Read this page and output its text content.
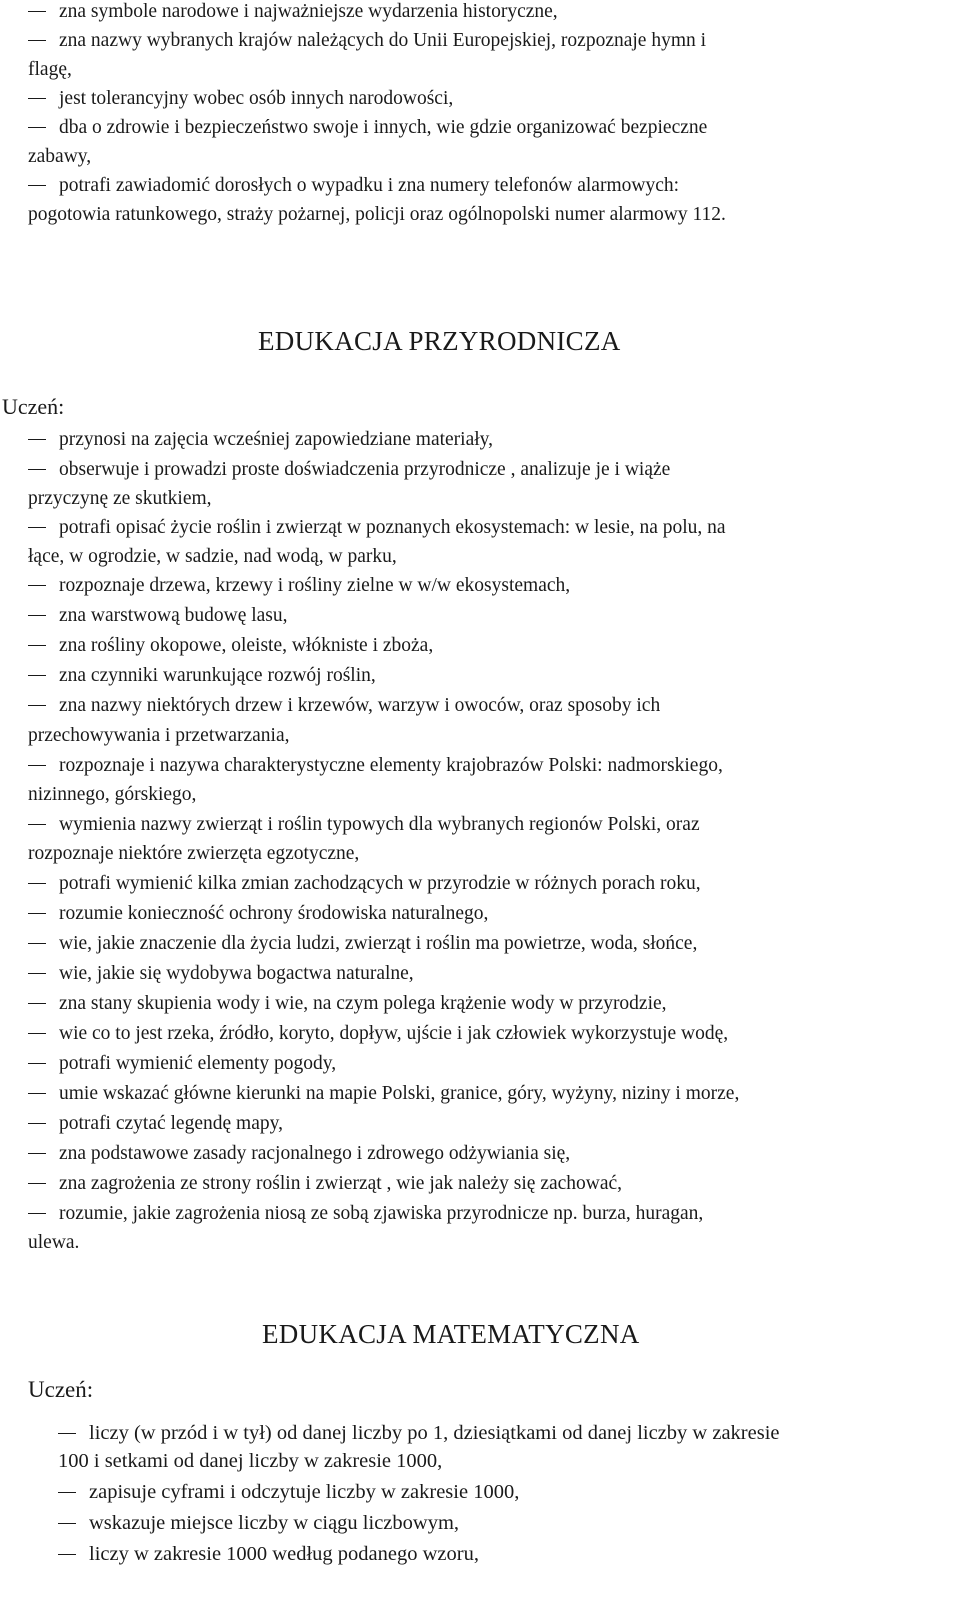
zna symbole narodowe i najważniejsze wydarzenia historyczne,
zna nazwy wybranych krajów należących do Unii Europejskiej, rozpoznaje hymn i
flagę,
jest tolerancyjny wobec osób innych narodowości,
dba o zdrowie i bezpieczeństwo swoje i innych, wie gdzie organizować bezpieczne
zabawy,
potrafi zawiadomić dorosłych o wypadku i zna numery telefonów alarmowych:
pogotowia ratunkowego, straży pożarnej, policji oraz ogólnopolski numer alarmowy 112.
EDUKACJA PRZYRODNICZA
Uczeń:
przynosi na zajęcia wcześniej zapowiedziane materiały,
obserwuje i prowadzi proste doświadczenia przyrodnicze , analizuje je i wiąże
przyczynę ze skutkiem,
potrafi opisać życie roślin i zwierząt w poznanych ekosystemach: w lesie, na polu, na
łące, w ogrodzie, w sadzie, nad wodą, w parku,
rozpoznaje drzewa, krzewy i rośliny zielne w w/w ekosystemach,
zna warstwową budowę lasu,
zna rośliny okopowe, oleiste, włókniste i zboża,
zna czynniki warunkujące rozwój roślin,
zna nazwy niektórych drzew i krzewów, warzyw i owoców, oraz sposoby ich
przechowywania i przetwarzania,
rozpoznaje i nazywa charakterystyczne elementy krajobrazów Polski: nadmorskiego,
nizinnego, górskiego,
wymienia nazwy zwierząt i roślin typowych dla wybranych regionów Polski, oraz
rozpoznaje niektóre zwierzęta egzotyczne,
potrafi wymienić kilka zmian zachodzących w przyrodzie w różnych porach roku,
rozumie konieczność ochrony środowiska naturalnego,
wie, jakie znaczenie dla życia ludzi, zwierząt i roślin ma powietrze, woda, słońce,
wie, jakie się wydobywa bogactwa naturalne,
zna stany skupienia wody i wie, na czym polega krążenie wody w przyrodzie,
wie co to jest rzeka, źródło, koryto, dopływ, ujście i jak człowiek wykorzystuje wodę,
potrafi wymienić elementy pogody,
umie wskazać główne kierunki na mapie Polski, granice, góry, wyżyny, niziny i morze,
potrafi czytać legendę mapy,
zna podstawowe zasady racjonalnego i zdrowego odżywiania się,
zna zagrożenia ze strony roślin i zwierząt , wie jak należy się zachować,
rozumie, jakie zagrożenia niosą ze sobą zjawiska przyrodnicze np. burza, huragan,
ulewa.
EDUKACJA MATEMATYCZNA
Uczeń:
liczy (w przód i w tył) od danej liczby po 1, dziesiątkami od danej liczby w zakresie
100 i setkami od danej liczby w zakresie 1000,
zapisuje cyframi i odczytuje liczby w zakresie 1000,
wskazuje miejsce liczby w ciągu liczbowym,
liczy w zakresie 1000 według podanego wzoru,
